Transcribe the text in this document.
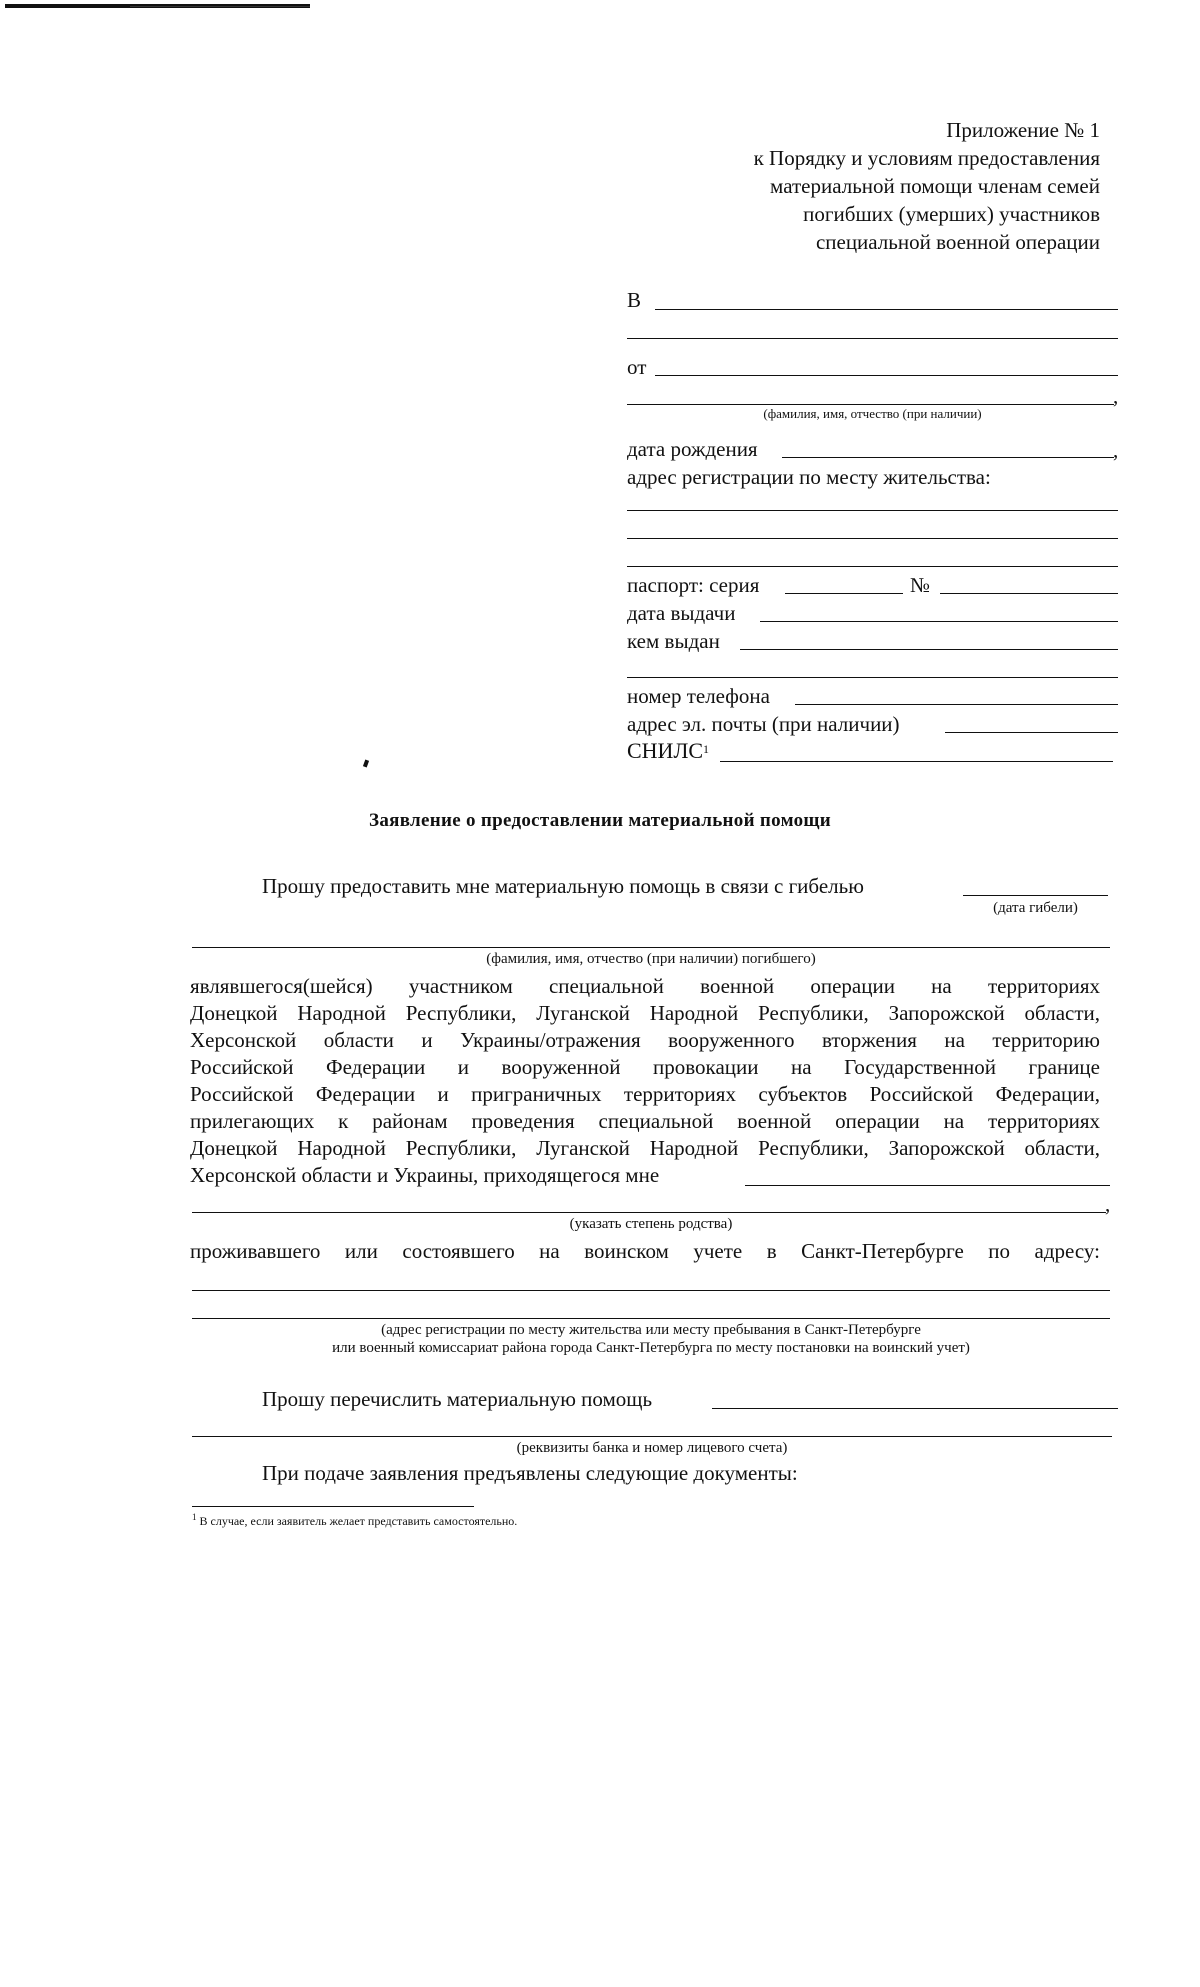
Приложение № 1
к Порядку и условиям предоставления
материальной помощи членам семей
погибших (умерших) участников
специальной военной операции
В
от
,
(фамилия, имя, отчество (при наличии)
дата рождения	,
адрес регистрации по месту жительства:
паспорт: серия	№
дата выдачи
кем выдан
номер телефона
адрес эл. почты (при наличии)
СНИЛС$^1$
Заявление о предоставлении материальной помощи
Прошу предоставить мне материальную помощь в связи с гибелью
(дата гибели)
(фамилия, имя, отчество (при наличии) погибшего)
являвшегося(шейся) участником специальной военной операции на территориях
Донецкой Народной Республики, Луганской Народной Республики, Запорожской области,
Херсонской области и Украины/отражения вооруженного вторжения на территорию
Российской Федерации и вооруженной провокации на Государственной границе
Российской Федерации и приграничных территориях субъектов Российской Федерации,
прилегающих к районам проведения специальной военной операции на территориях
Донецкой Народной Республики, Луганской Народной Республики, Запорожской области,
Херсонской области и Украины, приходящегося мне
,
(указать степень родства)
проживавшего или состоявшего на воинском учете в Санкт-Петербурге по адресу:
(адрес регистрации по месту жительства или месту пребывания в Санкт-Петербурге
или военный комиссариат района города Санкт-Петербурга по месту постановки на воинский учет)
Прошу перечислить материальную помощь
(реквизиты банка и номер лицевого счета)
При подаче заявления предъявлены следующие документы:
$^1$ В случае, если заявитель желает представить самостоятельно.
